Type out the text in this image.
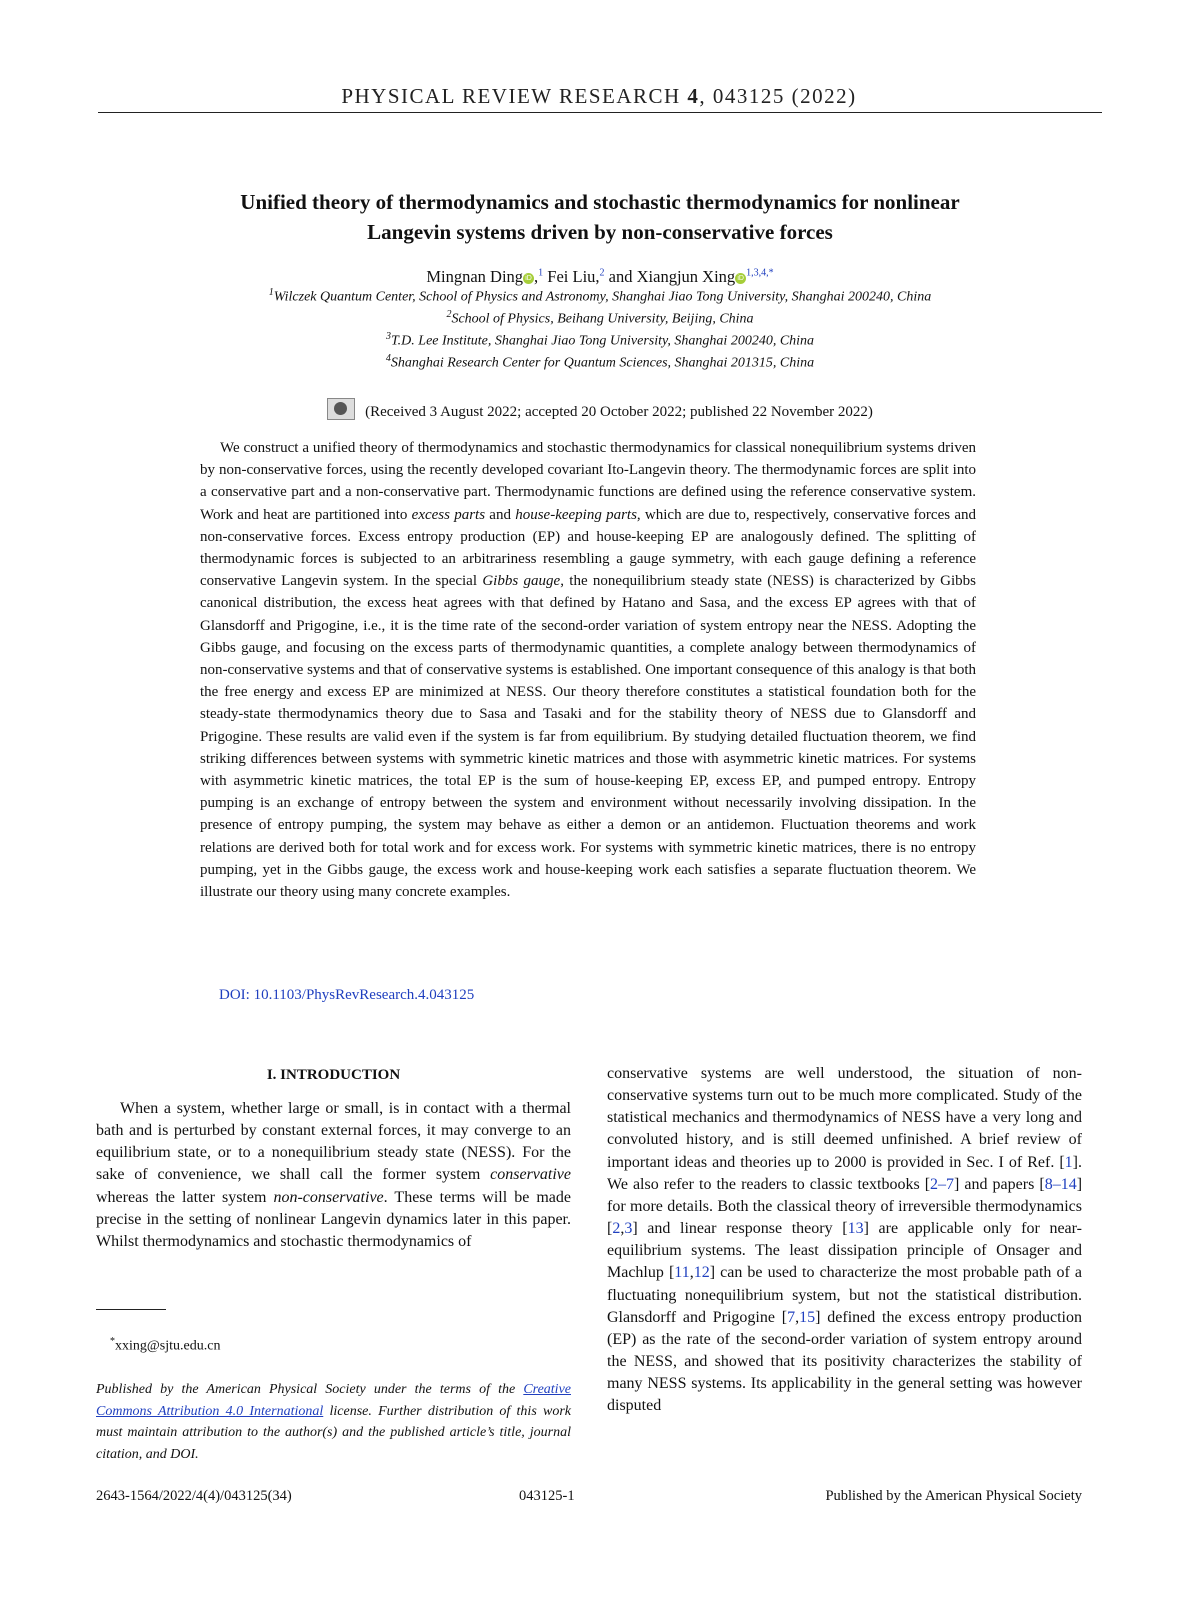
PHYSICAL REVIEW RESEARCH 4, 043125 (2022)
Unified theory of thermodynamics and stochastic thermodynamics for nonlinear
Langevin systems driven by non-conservative forces
Mingnan Ding iD ,$^1$ Fei Liu,$^2$ and Xiangjun Xing iD $^{1,3,4,*}$
$^1$Wilczek Quantum Center, School of Physics and Astronomy, Shanghai Jiao Tong University, Shanghai 200240, China
$^2$School of Physics, Beihang University, Beijing, China
$^3$T.D. Lee Institute, Shanghai Jiao Tong University, Shanghai 200240, China
$^4$Shanghai Research Center for Quantum Sciences, Shanghai 201315, China
(Received 3 August 2022; accepted 20 October 2022; published 22 November 2022)
We construct a unified theory of thermodynamics and stochastic thermodynamics for classical nonequilibrium systems driven by non-conservative forces, using the recently developed covariant Ito-Langevin theory. The thermodynamic forces are split into a conservative part and a non-conservative part. Thermodynamic functions are defined using the reference conservative system. Work and heat are partitioned into excess parts and house-keeping parts, which are due to, respectively, conservative forces and non-conservative forces. Excess entropy production (EP) and house-keeping EP are analogously defined. The splitting of thermodynamic forces is subjected to an arbitrariness resembling a gauge symmetry, with each gauge defining a reference conservative Langevin system. In the special Gibbs gauge, the nonequilibrium steady state (NESS) is characterized by Gibbs canonical distribution, the excess heat agrees with that defined by Hatano and Sasa, and the excess EP agrees with that of Glansdorff and Prigogine, i.e., it is the time rate of the second-order variation of system entropy near the NESS. Adopting the Gibbs gauge, and focusing on the excess parts of thermodynamic quantities, a complete analogy between thermodynamics of non-conservative systems and that of conservative systems is established. One important consequence of this analogy is that both the free energy and excess EP are minimized at NESS. Our theory therefore constitutes a statistical foundation both for the steady-state thermodynamics theory due to Sasa and Tasaki and for the stability theory of NESS due to Glansdorff and Prigogine. These results are valid even if the system is far from equilibrium. By studying detailed fluctuation theorem, we find striking differences between systems with symmetric kinetic matrices and those with asymmetric kinetic matrices. For systems with asymmetric kinetic matrices, the total EP is the sum of house-keeping EP, excess EP, and pumped entropy. Entropy pumping is an exchange of entropy between the system and environment without necessarily involving dissipation. In the presence of entropy pumping, the system may behave as either a demon or an antidemon. Fluctuation theorems and work relations are derived both for total work and for excess work. For systems with symmetric kinetic matrices, there is no entropy pumping, yet in the Gibbs gauge, the excess work and house-keeping work each satisfies a separate fluctuation theorem. We illustrate our theory using many concrete examples.
DOI: 10.1103/PhysRevResearch.4.043125
I. INTRODUCTION
When a system, whether large or small, is in contact with a thermal bath and is perturbed by constant external forces, it may converge to an equilibrium state, or to a nonequilibrium steady state (NESS). For the sake of convenience, we shall call the former system conservative whereas the latter system non-conservative. These terms will be made precise in the setting of nonlinear Langevin dynamics later in this paper. Whilst thermodynamics and stochastic thermodynamics of
conservative systems are well understood, the situation of non-conservative systems turn out to be much more complicated. Study of the statistical mechanics and thermodynamics of NESS have a very long and convoluted history, and is still deemed unfinished. A brief review of important ideas and theories up to 2000 is provided in Sec. I of Ref. [1]. We also refer to the readers to classic textbooks [2–7] and papers [8–14] for more details. Both the classical theory of irreversible thermodynamics [2,3] and linear response theory [13] are applicable only for near-equilibrium systems. The least dissipation principle of Onsager and Machlup [11,12] can be used to characterize the most probable path of a fluctuating nonequilibrium system, but not the statistical distribution. Glansdorff and Prigogine [7,15] defined the excess entropy production (EP) as the rate of the second-order variation of system entropy around the NESS, and showed that its positivity characterizes the stability of many NESS systems. Its applicability in the general setting was however disputed
*xxing@sjtu.edu.cn
Published by the American Physical Society under the terms of the Creative Commons Attribution 4.0 International license. Further distribution of this work must maintain attribution to the author(s) and the published article’s title, journal citation, and DOI.
2643-1564/2022/4(4)/043125(34)	043125-1	Published by the American Physical Society
